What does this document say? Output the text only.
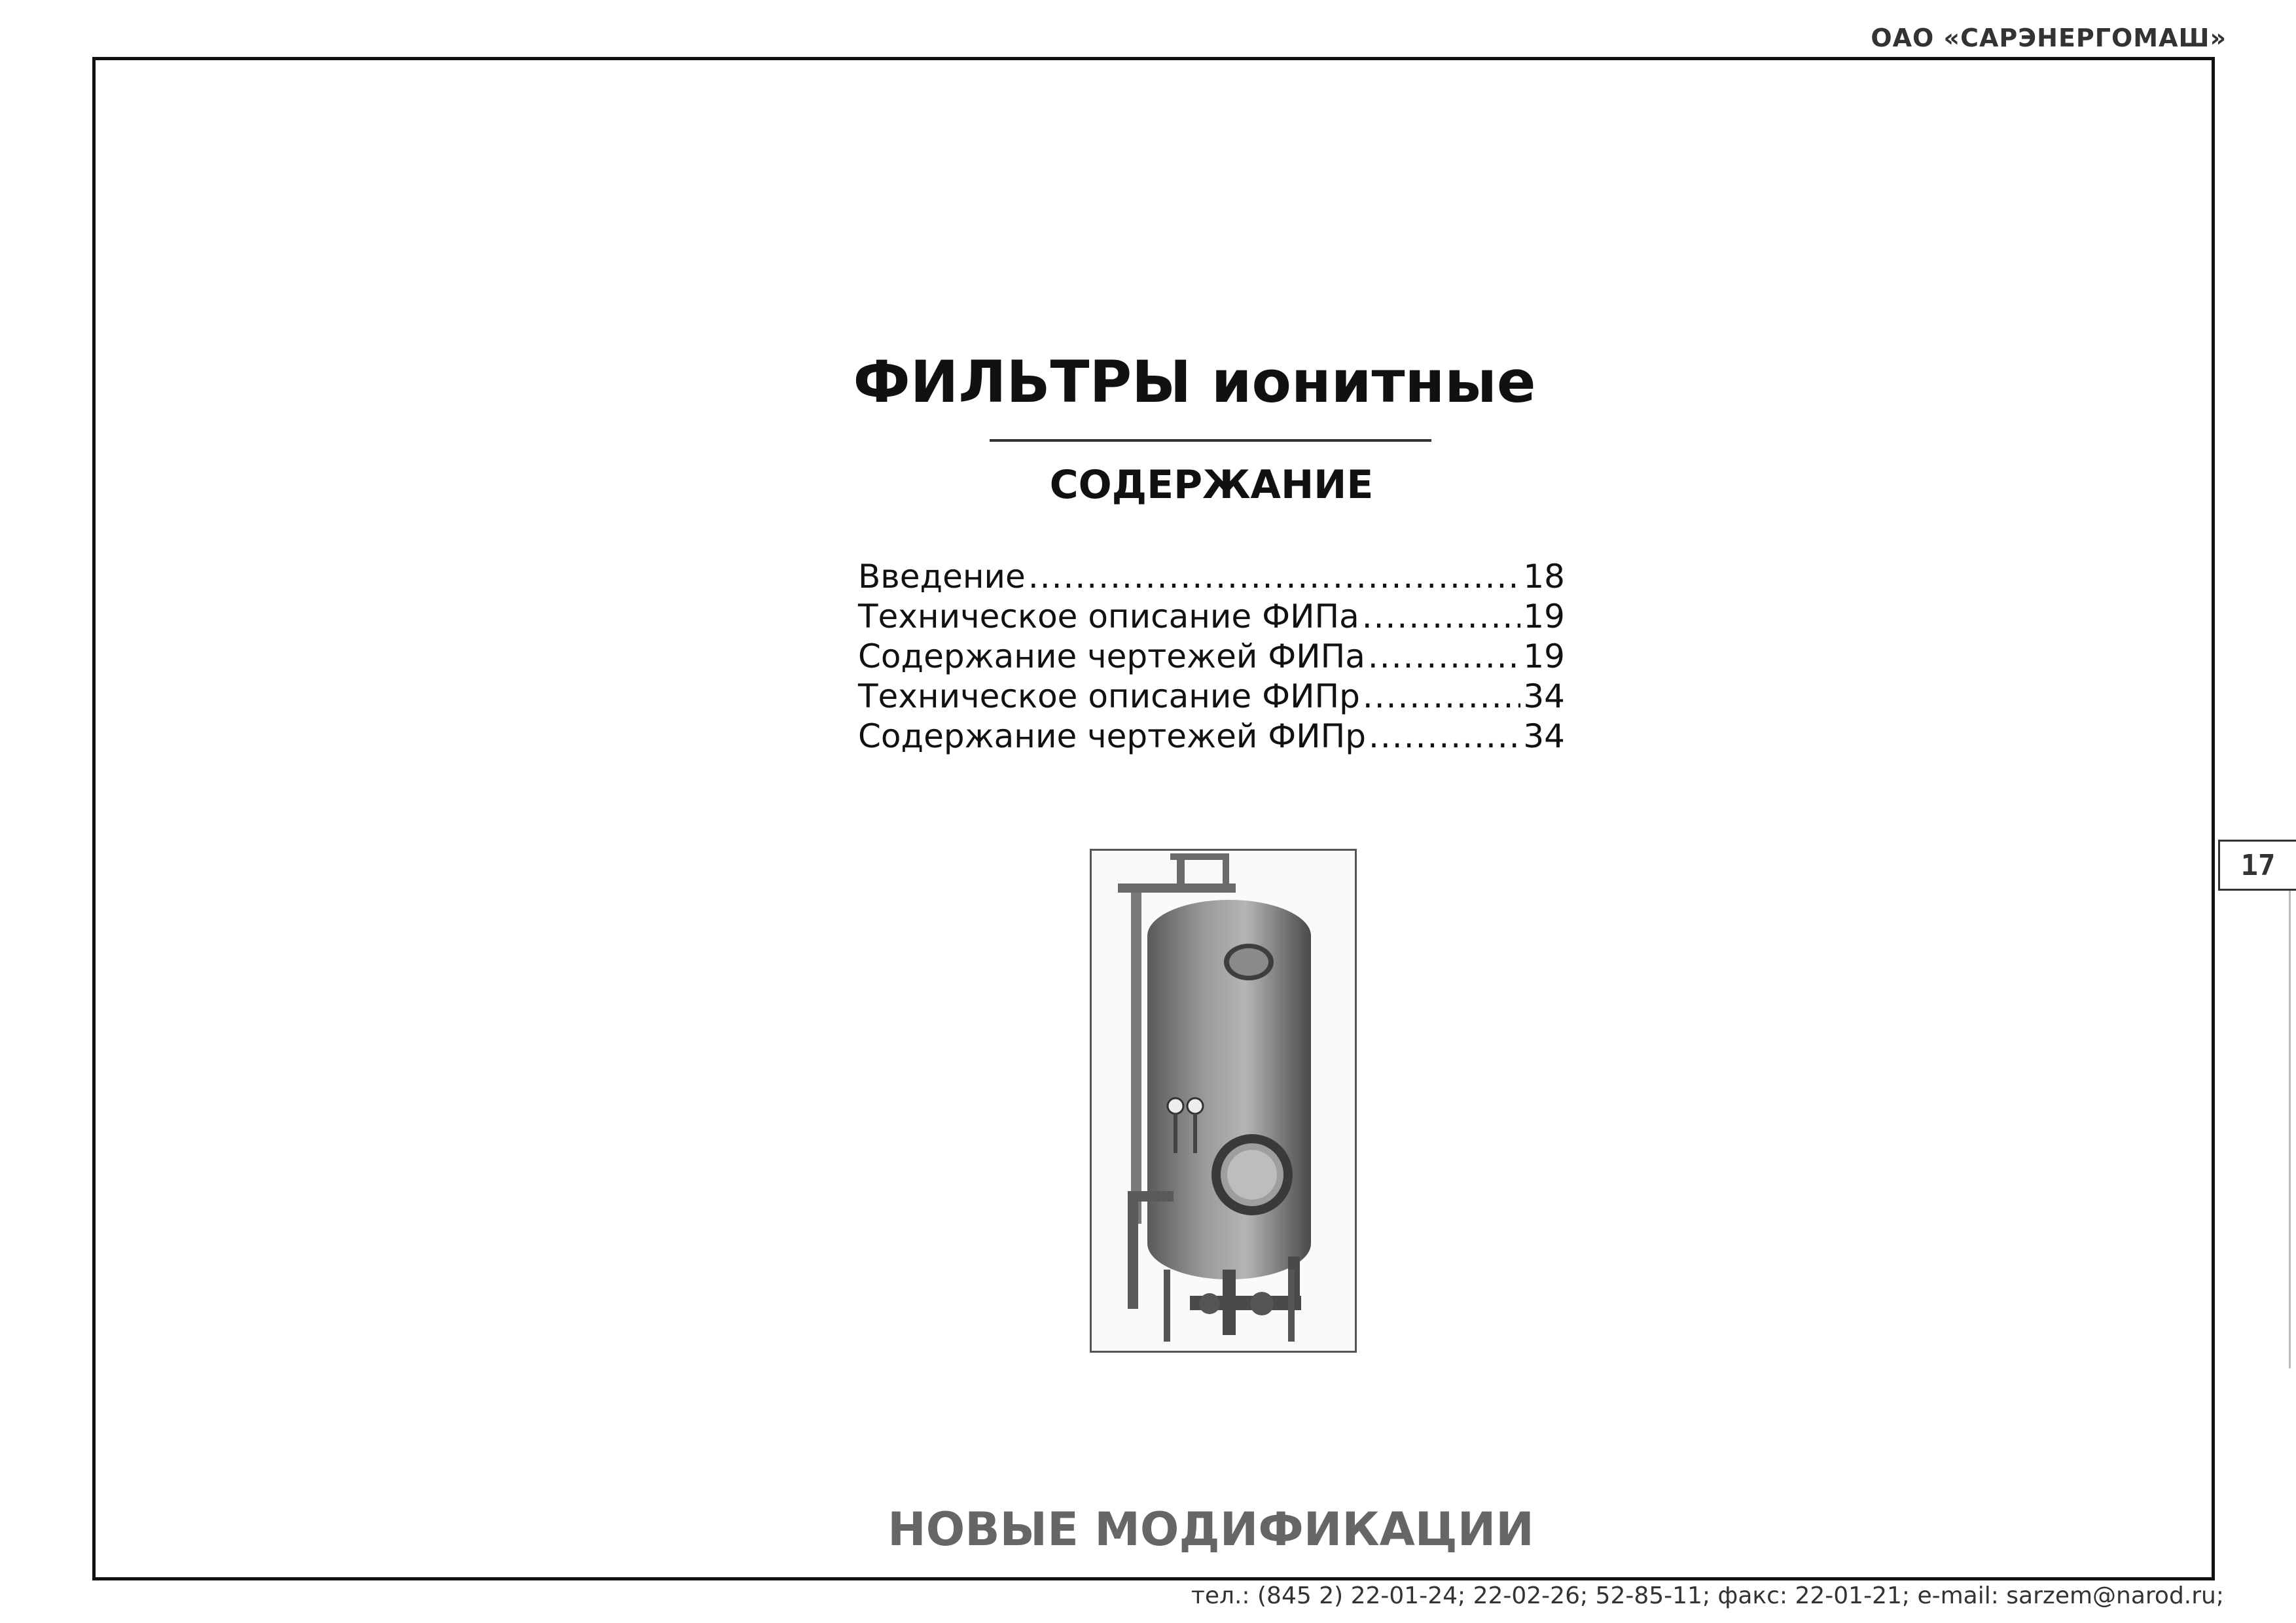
ОАО «САРЭНЕРГОМАШ»
17
ФИЛЬТРЫ ионитные
СОДЕРЖАНИЕ
Введение .....	18
Техническое описание ФИПа .....	19
Содержание чертежей ФИПа .....	19
Техническое описание ФИПр .....	34
Содержание чертежей ФИПр .....	34
НОВЫЕ МОДИФИКАЦИИ
тел.: (845 2) 22-01-24; 22-02-26; 52-85-11; факс: 22-01-21; e-mail: sarzem@narod.ru;
